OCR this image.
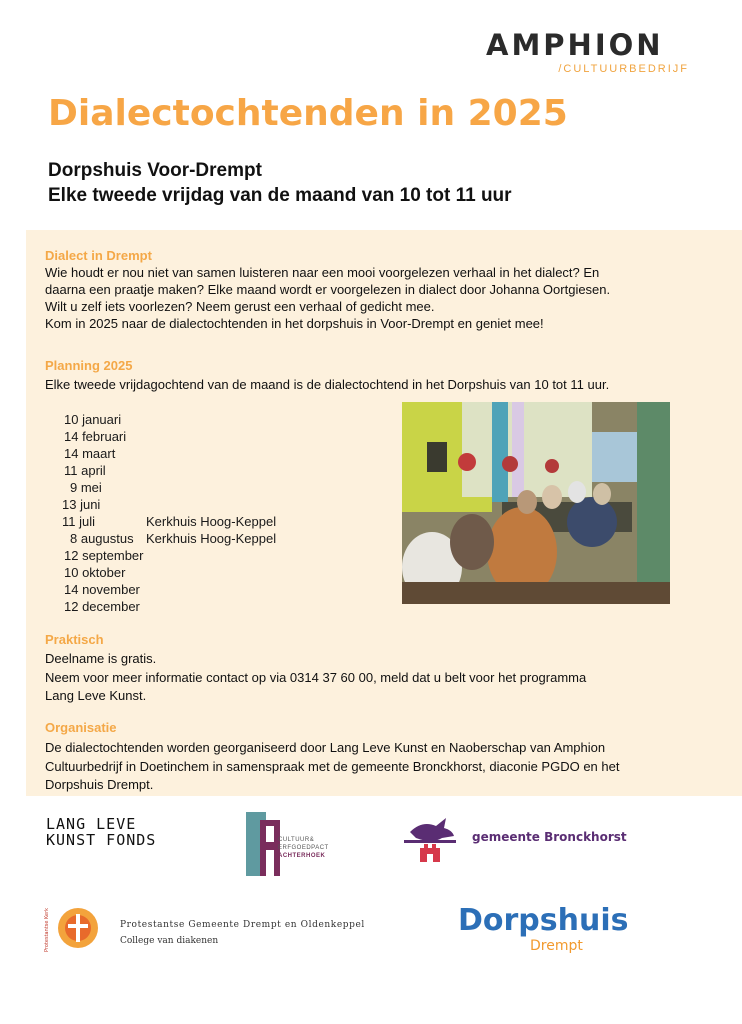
AMPHION
/CULTUURBEDRIJF
Dialectochtenden in 2025
Dorpshuis Voor-Drempt
Elke tweede vrijdag van de maand van 10 tot 11 uur
Dialect in Drempt
Wie houdt er nou niet van samen luisteren naar een mooi voorgelezen verhaal in het dialect? En
daarna een praatje maken? Elke maand wordt er voorgelezen in dialect door Johanna Oortgiesen.
Wilt u zelf iets voorlezen? Neem gerust een verhaal of gedicht mee.
Kom in 2025 naar de dialectochtenden in het dorpshuis in Voor-Drempt en geniet mee!
Planning 2025
Elke tweede vrijdagochtend van de maand is de dialectochtend in het Dorpshuis van 10 tot 11 uur.
10 januari
14 februari
14 maart
11 april
9 mei
13 juni
11 juli	Kerkhuis Hoog-Keppel
8 augustus Kerkhuis Hoog-Keppel
12 september
10 oktober
14 november
12 december
Praktisch
Deelname is gratis.
Neem voor meer informatie contact op via 0314 37 60 00, meld dat u belt voor het programma
Lang Leve Kunst.
Organisatie
De dialectochtenden worden georganiseerd door Lang Leve Kunst en Naoberschap van Amphion
Cultuurbedrijf in Doetinchem in samenspraak met de gemeente Bronckhorst, diaconie PGDO en het
Dorpshuis Drempt.
LANG LEVE
KUNST FONDS	CULTUUR&
ERFGOEDPACT
ACHTERHOEK
gemeente Bronckhorst
Protestantse Kerk	Protestantse Gemeente Drempt en Oldenkeppel
College van diakenen
Dorpshuis
Drempt
